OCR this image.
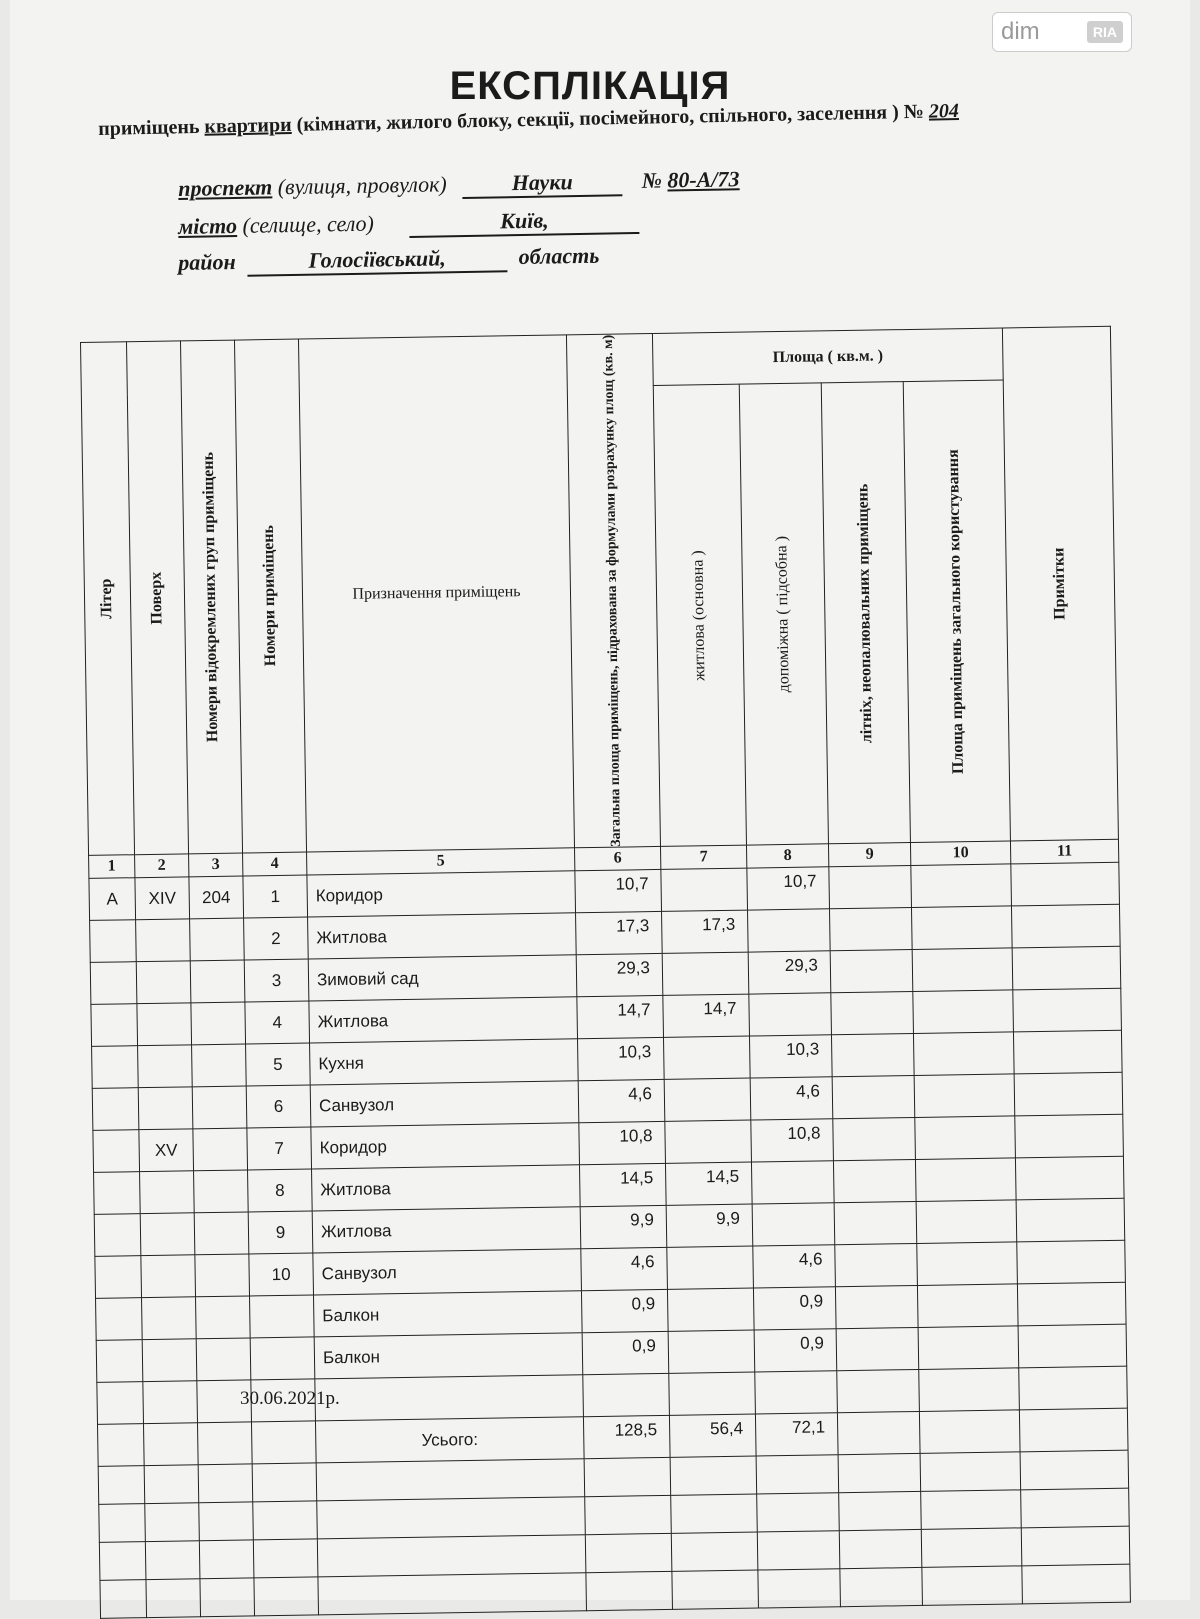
dim	RIA
ЕКСПЛІКАЦІЯ
приміщень квартири (кімнати, жилого блоку, секції, посімейного, спільного, заселення ) № 204
проспект (вулиця, провулок)	Науки	№ 80-А/73
місто (селище, село)	Київ,
район	Голосіївський,	область
Літер	Поверх	Номери відокремлених груп приміщень	Номери приміщень	Призначення приміщень	Загальна площа приміщень, підрахована за формулами розрахунку площ (кв. м)	Площа ( кв.м. )				Примітки

						житлова (основна )	допоміжна ( підсобна )	літніх, неопалювальних приміщень	Площа приміщень загального користування	

1	2	3	4	5	6	7	8	9	10	11
А	XIV	204	1	Коридор	10,7		10,7			
			2	Житлова	17,3	17,3				
			3	Зимовий сад	29,3		29,3			
			4	Житлова	14,7	14,7				
			5	Кухня	10,3		10,3			
			6	Санвузол	4,6		4,6			
	XV		7	Коридор	10,8		10,8			
			8	Житлова	14,5	14,5				
			9	Житлова	9,9	9,9				
			10	Санвузол	4,6		4,6			
				Балкон	0,9		0,9			
				Балкон	0,9		0,9			

				Усього:	128,5	56,4	72,1			

30.06.2021р.
